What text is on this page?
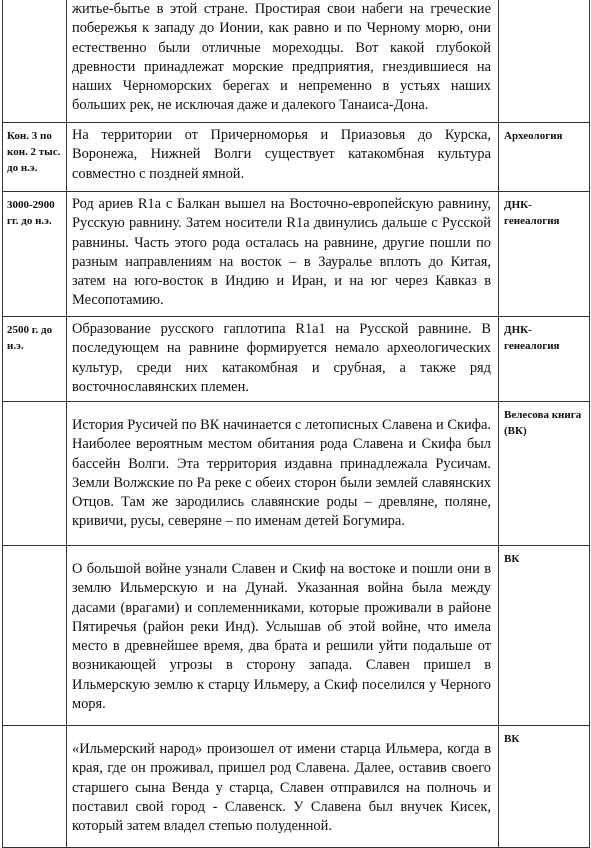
	житье-бытье в этой стране. Простирая свои набеги на греческие побережья к западу до Ионии, как равно и по Черному морю, они естественно были отличные мореходцы. Вот какой глубокой древности принадлежат морские предприятия, гнездившиеся на наших Черноморских берегах и непременно в устьях наших больших рек, не исключая даже и далекого Танаиса-Дона.	

Кон. 3 по кон. 2 тыс. до н.э.	На территории от Причерноморья и Приазовья до Курска, Воронежа, Нижней Волги существует катакомбная культура совместно с поздней ямной.	Археология

3000-2900 гг. до н.э.	Род ариев R1a с Балкан вышел на Восточно-европейскую равнину, Русскую равнину. Затем носители R1a двинулись дальше с Русской равнины. Часть этого рода осталась на равнине, другие пошли по разным направлениям на восток – в Зауралье вплоть до Китая, затем на юго-восток в Индию и Иран, и на юг через Кавказ в Месопотамию.	ДНК-генеалогия

2500 г. до н.э.	Образование русского гаплотипа R1a1 на Русской равнине. В последующем на равнине формируется немало археологических культур, среди них катакомбная и срубная, а также ряд восточнославянских племен.	ДНК-генеалогия

	История Русичей по ВК начинается с летописных Славена и Скифа. Наиболее вероятным местом обитания рода Славена и Скифа был бассейн Волги. Эта территория издавна принадлежала Русичам. Земли Волжские по Ра реке с обеих сторон были землей славянских Отцов. Там же зародились славянские роды – древляне, поляне, кривичи, русы, северяне – по именам детей Богумира.	Велесова книга (ВК)

	О большой войне узнали Славен и Скиф на востоке и пошли они в землю Ильмерскую и на Дунай. Указанная война была между дасами (врагами) и соплеменниками, которые проживали в районе Пятиречья (район реки Инд). Услышав об этой войне, что имела место в древнейшее время, два брата и решили уйти подальше от возникающей угрозы в сторону запада. Славен пришел в Ильмерскую землю к старцу Ильмеру, а Скиф поселился у Черного моря.	ВК

	«Ильмерский народ» произошел от имени старца Ильмера, когда в края, где он проживал, пришел род Славена. Далее, оставив своего старшего сына Венда у старца, Славен отправился на полночь и поставил свой город - Славенск. У Славена был внучек Кисек, который затем владел степью полуденной.	ВК
